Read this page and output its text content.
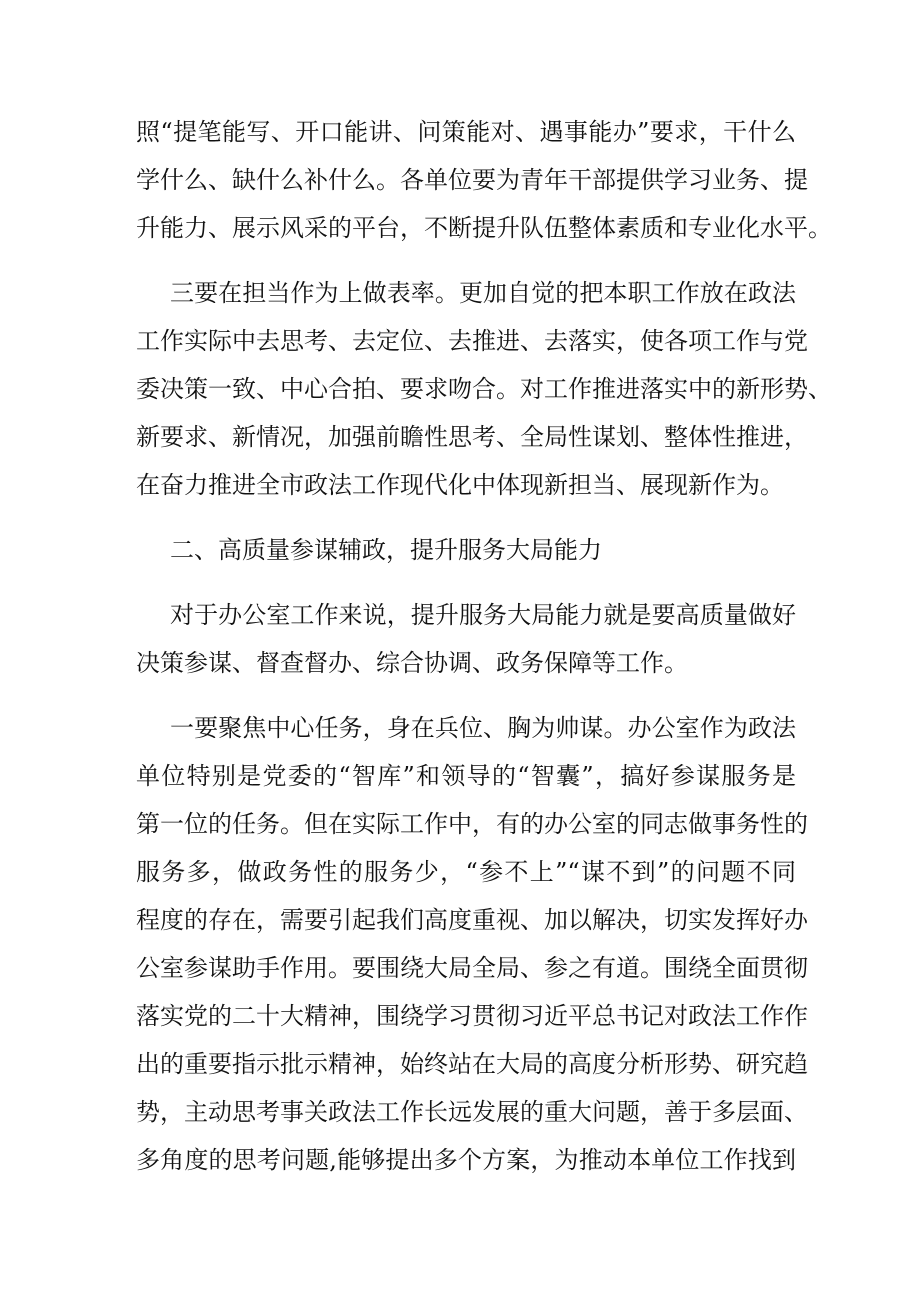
照“提笔能写、开口能讲、问策能对、遇事能办”要求，干什么
学什么、缺什么补什么。各单位要为青年干部提供学习业务、提
升能力、展示风采的平台，不断提升队伍整体素质和专业化水平。
三要在担当作为上做表率。更加自觉的把本职工作放在政法
工作实际中去思考、去定位、去推进、去落实，使各项工作与党
委决策一致、中心合拍、要求吻合。对工作推进落实中的新形势、
新要求、新情况，加强前瞻性思考、全局性谋划、整体性推进，
在奋力推进全市政法工作现代化中体现新担当、展现新作为。
二、高质量参谋辅政，提升服务大局能力
对于办公室工作来说，提升服务大局能力就是要高质量做好
决策参谋、督查督办、综合协调、政务保障等工作。
一要聚焦中心任务，身在兵位、胸为帅谋。办公室作为政法
单位特别是党委的“智库”和领导的“智囊”，搞好参谋服务是
第一位的任务。但在实际工作中，有的办公室的同志做事务性的
服务多，做政务性的服务少，“参不上”“谋不到”的问题不同
程度的存在，需要引起我们高度重视、加以解决，切实发挥好办
公室参谋助手作用。要围绕大局全局、参之有道。围绕全面贯彻
落实党的二十大精神，围绕学习贯彻习近平总书记对政法工作作
出的重要指示批示精神，始终站在大局的高度分析形势、研究趋
势，主动思考事关政法工作长远发展的重大问题，善于多层面、
多角度的思考问题,能够提出多个方案，为推动本单位工作找到
